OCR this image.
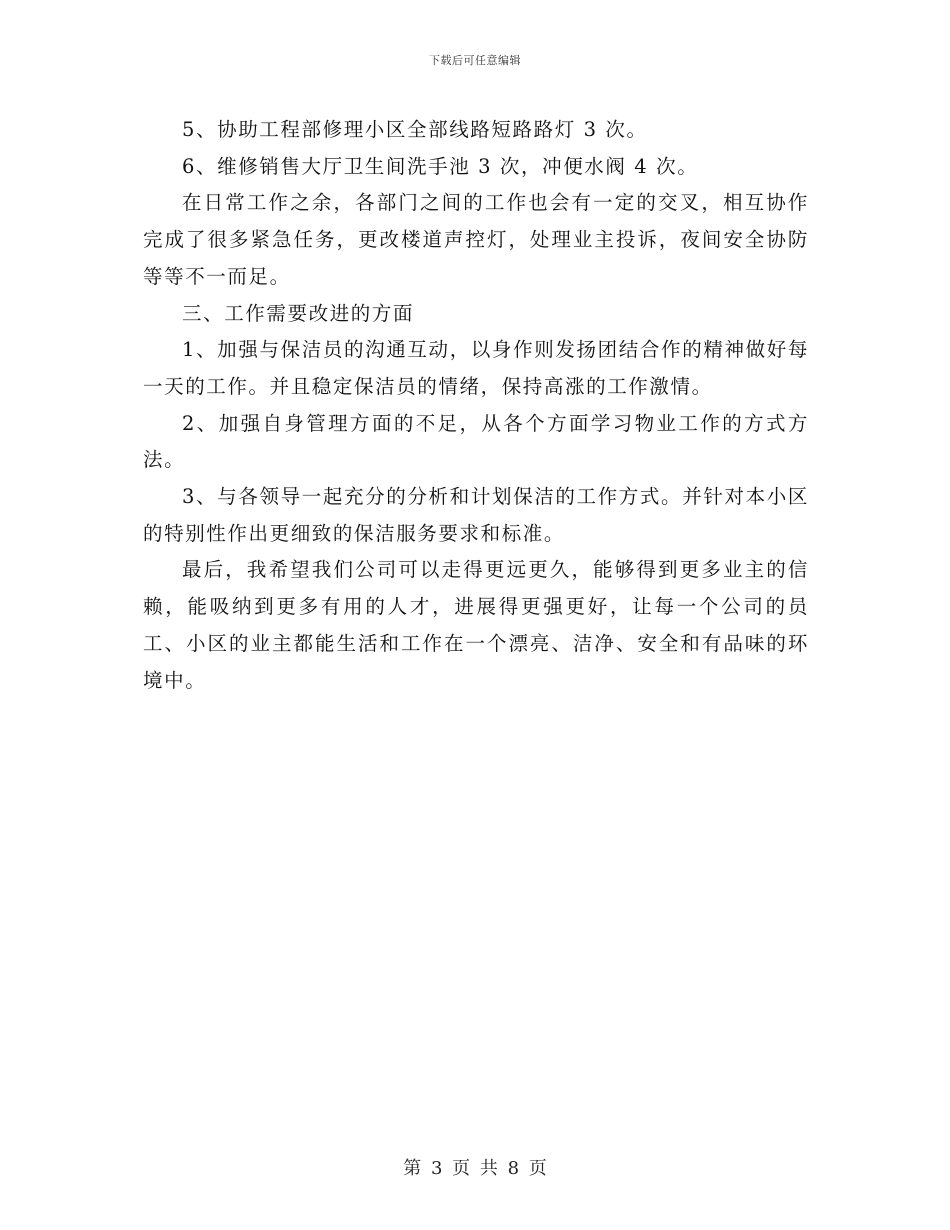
下载后可任意编辑

5、协助工程部修理小区全部线路短路路灯 3 次。

6、维修销售大厅卫生间洗手池 3 次，冲便水阀 4 次。

在日常工作之余，各部门之间的工作也会有一定的交叉，相互协作完成了很多紧急任务，更改楼道声控灯，处理业主投诉，夜间安全协防等等不一而足。

三、工作需要改进的方面

1、加强与保洁员的沟通互动，以身作则发扬团结合作的精神做好每一天的工作。并且稳定保洁员的情绪，保持高涨的工作激情。

2、加强自身管理方面的不足，从各个方面学习物业工作的方式方法。

3、与各领导一起充分的分析和计划保洁的工作方式。并针对本小区的特别性作出更细致的保洁服务要求和标准。

最后，我希望我们公司可以走得更远更久，能够得到更多业主的信赖，能吸纳到更多有用的人才，进展得更强更好，让每一个公司的员工、小区的业主都能生活和工作在一个漂亮、洁净、安全和有品味的环境中。

第 3 页 共 8 页
